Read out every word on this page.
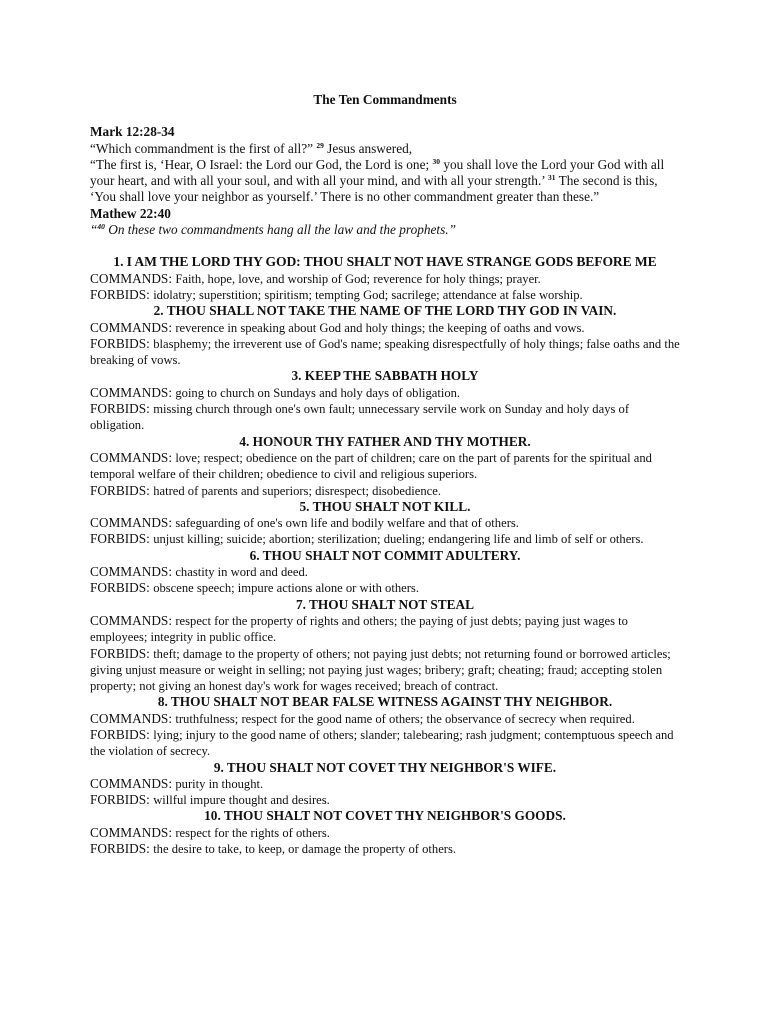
The Ten Commandments

Mark 12:28-34
“Which commandment is the first of all?” $^{29}$ Jesus answered,
“The first is, ‘Hear, O Israel: the Lord our God, the Lord is one; $^{30}$ you shall love the Lord your God with all your heart, and with all your soul, and with all your mind, and with all your strength.’ $^{31}$ The second is this, ‘You shall love your neighbor as yourself.’ There is no other commandment greater than these.”

Mathew 22:40
“$^{40}$ On these two commandments hang all the law and the prophets.”

1. I AM THE LORD THY GOD: THOU SHALT NOT HAVE STRANGE GODS BEFORE ME

COMMANDS: Faith, hope, love, and worship of God; reverence for holy things; prayer.

FORBIDS: idolatry; superstition; spiritism; tempting God; sacrilege; attendance at false worship.

2. THOU SHALL NOT TAKE THE NAME OF THE LORD THY GOD IN VAIN.

COMMANDS: reverence in speaking about God and holy things; the keeping of oaths and vows.

FORBIDS: blasphemy; the irreverent use of God's name; speaking disrespectfully of holy things; false oaths and the breaking of vows.

3. KEEP THE SABBATH HOLY

COMMANDS: going to church on Sundays and holy days of obligation.

FORBIDS: missing church through one's own fault; unnecessary servile work on Sunday and holy days of obligation.

4. HONOUR THY FATHER AND THY MOTHER.

COMMANDS: love; respect; obedience on the part of children; care on the part of parents for the spiritual and temporal welfare of their children; obedience to civil and religious superiors.

FORBIDS: hatred of parents and superiors; disrespect; disobedience.

5. THOU SHALT NOT KILL.

COMMANDS: safeguarding of one's own life and bodily welfare and that of others.

FORBIDS: unjust killing; suicide; abortion; sterilization; dueling; endangering life and limb of self or others.

6. THOU SHALT NOT COMMIT ADULTERY.

COMMANDS: chastity in word and deed.

FORBIDS: obscene speech; impure actions alone or with others.

7. THOU SHALT NOT STEAL

COMMANDS: respect for the property of rights and others; the paying of just debts; paying just wages to employees; integrity in public office.

FORBIDS: theft; damage to the property of others; not paying just debts; not returning found or borrowed articles; giving unjust measure or weight in selling; not paying just wages; bribery; graft; cheating; fraud; accepting stolen property; not giving an honest day's work for wages received; breach of contract.

8. THOU SHALT NOT BEAR FALSE WITNESS AGAINST THY NEIGHBOR.

COMMANDS: truthfulness; respect for the good name of others; the observance of secrecy when required.

FORBIDS: lying; injury to the good name of others; slander; talebearing; rash judgment; contemptuous speech and the violation of secrecy.

9. THOU SHALT NOT COVET THY NEIGHBOR'S WIFE.

COMMANDS: purity in thought.

FORBIDS: willful impure thought and desires.

10. THOU SHALT NOT COVET THY NEIGHBOR'S GOODS.

COMMANDS: respect for the rights of others.

FORBIDS: the desire to take, to keep, or damage the property of others.
